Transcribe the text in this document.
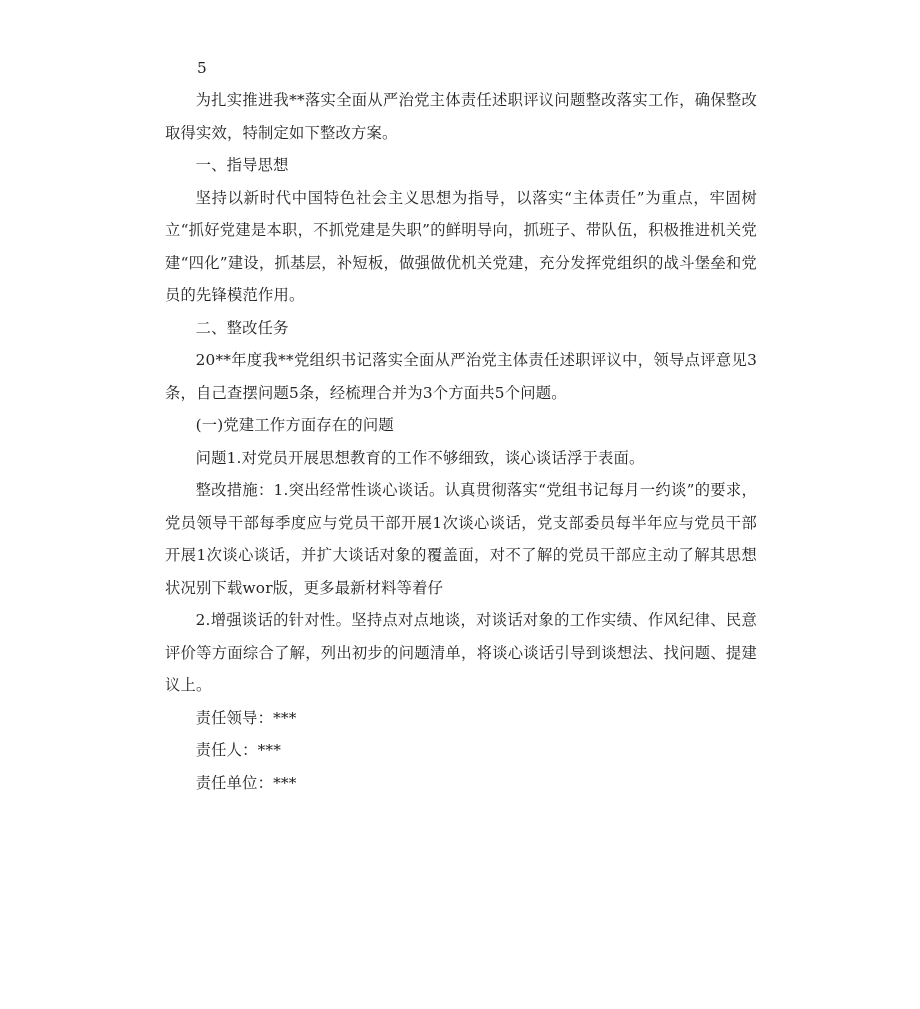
5

为扎实推进我**落实全面从严治党主体责任述职评议问题整改落实工作，确保整改取得实效，特制定如下整改方案。

一、指导思想

坚持以新时代中国特色社会主义思想为指导，以落实“主体责任”为重点，牢固树立“抓好党建是本职，不抓党建是失职”的鲜明导向，抓班子、带队伍，积极推进机关党建“四化”建设，抓基层，补短板，做强做优机关党建，充分发挥党组织的战斗堡垒和党员的先锋模范作用。

二、整改任务

20**年度我**党组织书记落实全面从严治党主体责任述职评议中，领导点评意见3条，自己查摆问题5条，经梳理合并为3个方面共5个问题。

(一)党建工作方面存在的问题

问题1.对党员开展思想教育的工作不够细致，谈心谈话浮于表面。

整改措施：1.突出经常性谈心谈话。认真贯彻落实“党组书记每月一约谈”的要求，党员领导干部每季度应与党员干部开展1次谈心谈话，党支部委员每半年应与党员干部开展1次谈心谈话，并扩大谈话对象的覆盖面，对不了解的党员干部应主动了解其思想状况别下载wor版，更多最新材料等着仔

2.增强谈话的针对性。坚持点对点地谈，对谈话对象的工作实绩、作风纪律、民意评价等方面综合了解，列出初步的问题清单，将谈心谈话引导到谈想法、找问题、提建议上。

责任领导：***

责任人：***

责任单位：***
